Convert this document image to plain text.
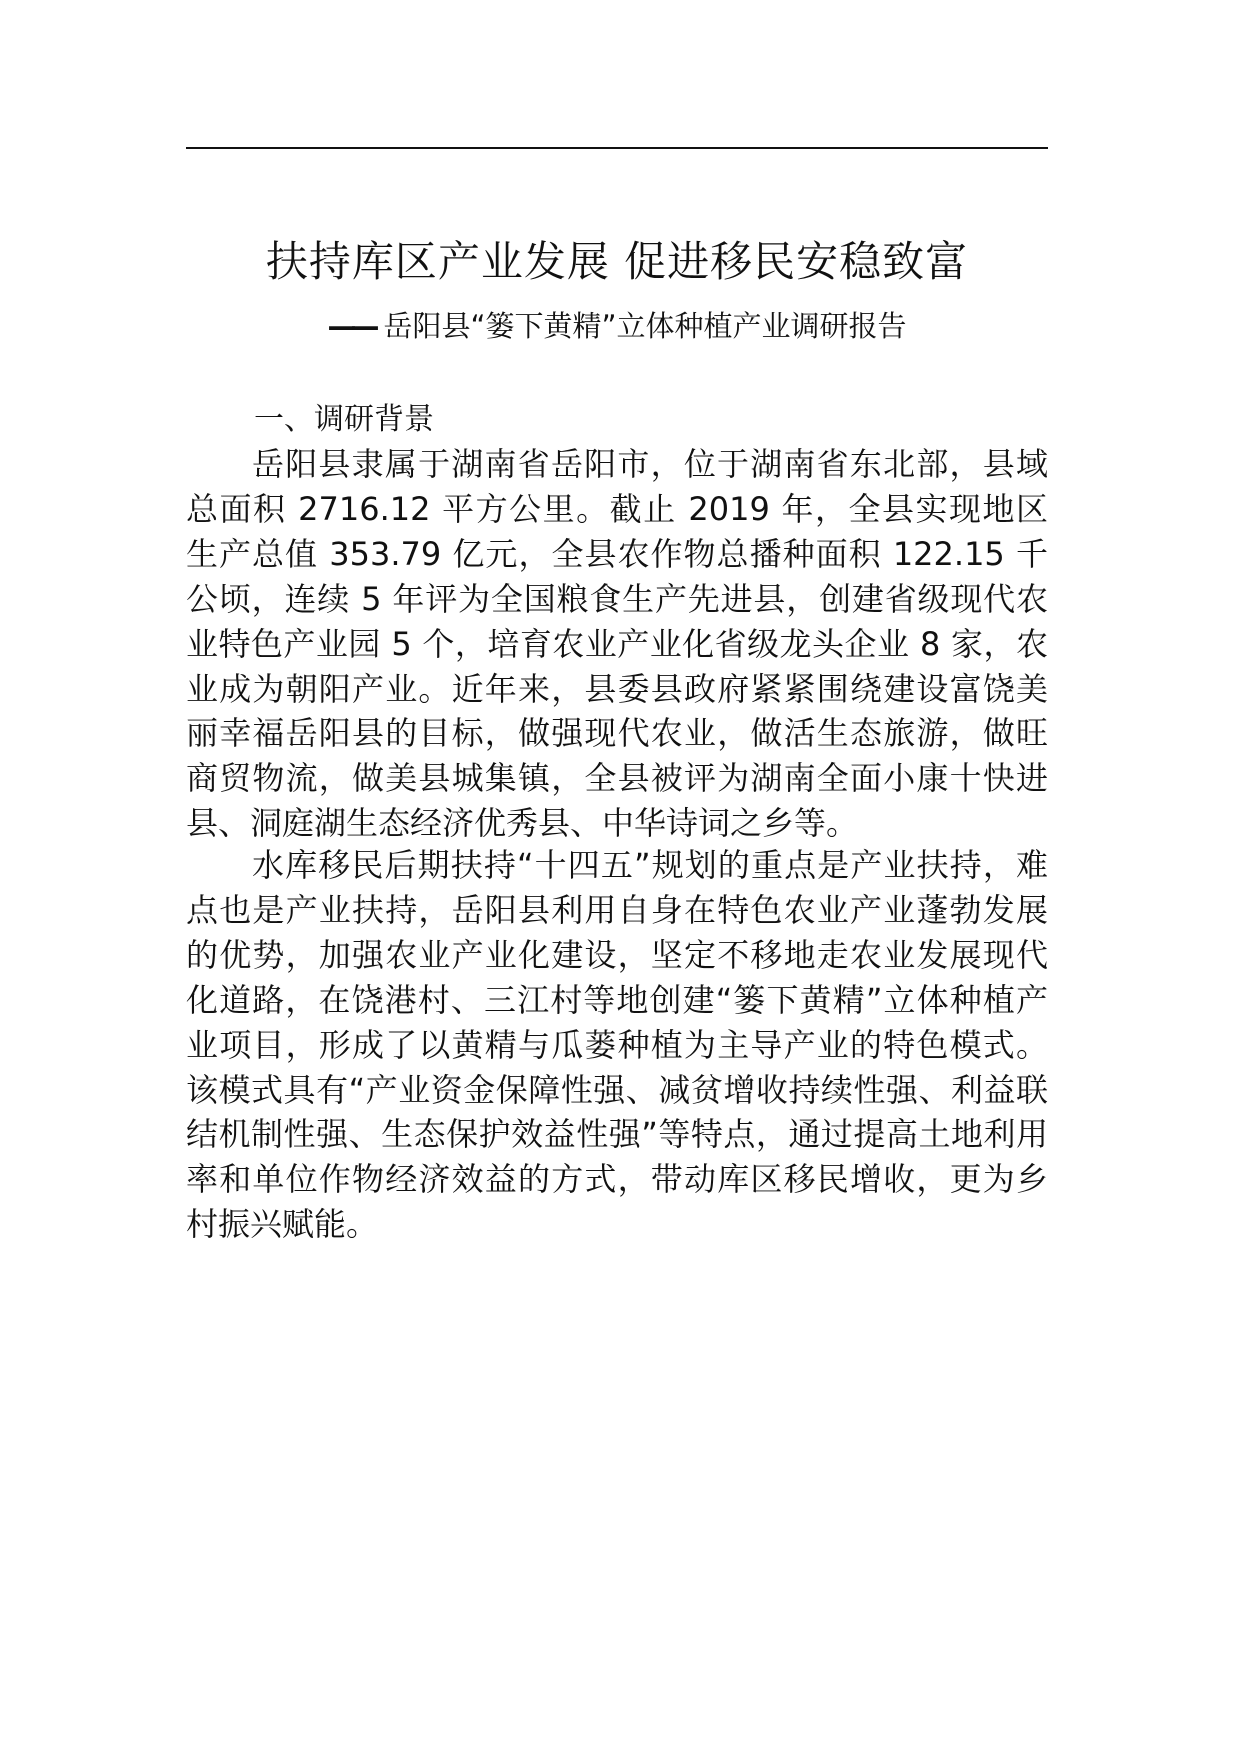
扶持库区产业发展 促进移民安稳致富
—— 岳阳县“篓下黄精”立体种植产业调研报告
一、调研背景
岳阳县隶属于湖南省岳阳市，位于湖南省东北部，县域总面积 2716.12 平方公里。截止 2019 年，全县实现地区生产总值 353.79 亿元，全县农作物总播种面积 122.15 千公顷，连续 5 年评为全国粮食生产先进县，创建省级现代农业特色产业园 5 个，培育农业产业化省级龙头企业 8 家，农业成为朝阳产业。近年来，县委县政府紧紧围绕建设富饶美丽幸福岳阳县的目标，做强现代农业，做活生态旅游，做旺商贸物流，做美县城集镇，全县被评为湖南全面小康十快进县、洞庭湖生态经济优秀县、中华诗词之乡等。
水库移民后期扶持“十四五”规划的重点是产业扶持，难点也是产业扶持，岳阳县利用自身在特色农业产业蓬勃发展的优势，加强农业产业化建设，坚定不移地走农业发展现代化道路，在饶港村、三江村等地创建“篓下黄精”立体种植产业项目，形成了以黄精与瓜蒌种植为主导产业的特色模式。该模式具有“产业资金保障性强、减贫增收持续性强、利益联结机制性强、生态保护效益性强”等特点，通过提高土地利用率和单位作物经济效益的方式，带动库区移民增收，更为乡村振兴赋能。
